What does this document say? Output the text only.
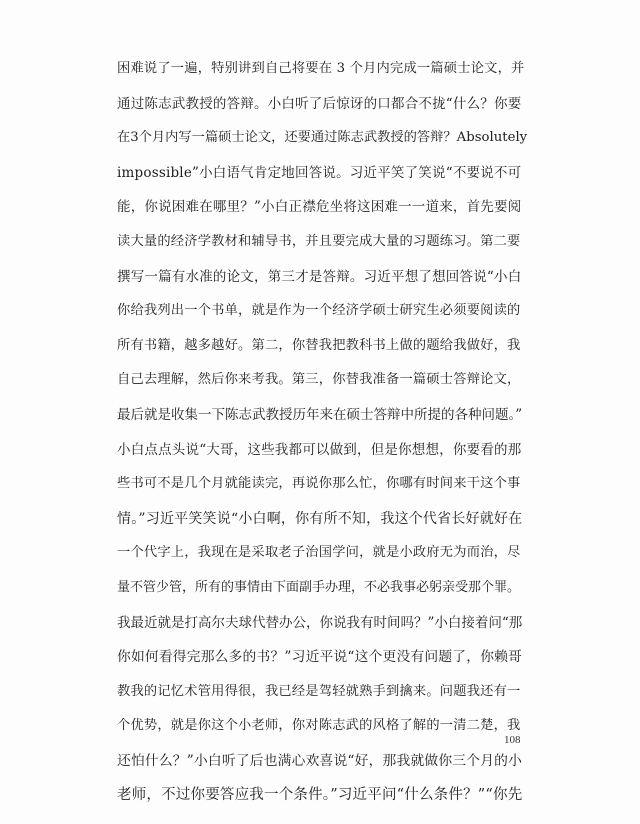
困难说了一遍，特别讲到自己将要在 3 个月内完成一篇硕士论文，并
通过陈志武教授的答辩。小白听了后惊讶的口都合不拢“什么？你要
在3个月内写一篇硕士论文，还要通过陈志武教授的答辩？Absolutely
impossible”小白语气肯定地回答说。习近平笑了笑说“不要说不可
能，你说困难在哪里？”小白正襟危坐将这困难一一道来，首先要阅
读大量的经济学教材和辅导书，并且要完成大量的习题练习。第二要
撰写一篇有水准的论文，第三才是答辩。习近平想了想回答说“小白
你给我列出一个书单，就是作为一个经济学硕士研究生必须要阅读的
所有书籍，越多越好。第二，你替我把教科书上做的题给我做好，我
自己去理解，然后你来考我。第三，你替我准备一篇硕士答辩论文，
最后就是收集一下陈志武教授历年来在硕士答辩中所提的各种问题。”
小白点点头说“大哥，这些我都可以做到，但是你想想，你要看的那
些书可不是几个月就能读完，再说你那么忙，你哪有时间来干这个事
情。”习近平笑笑说“小白啊，你有所不知，我这个代省长好就好在
一个代字上，我现在是采取老子治国学问，就是小政府无为而治，尽
量不管少管，所有的事情由下面副手办理，不必我事必躬亲受那个罪。
我最近就是打高尔夫球代替办公，你说我有时间吗？”小白接着问“那
你如何看得完那么多的书？”习近平说“这个更没有问题了，你赖哥
教我的记忆术管用得很，我已经是驾轻就熟手到擒来。问题我还有一
个优势，就是你这个小老师，你对陈志武的风格了解的一清二楚，我
还怕什么？”小白听了后也满心欢喜说“好，那我就做你三个月的小
老师，不过你要答应我一个条件。”习近平问“什么条件？”“你先
108
